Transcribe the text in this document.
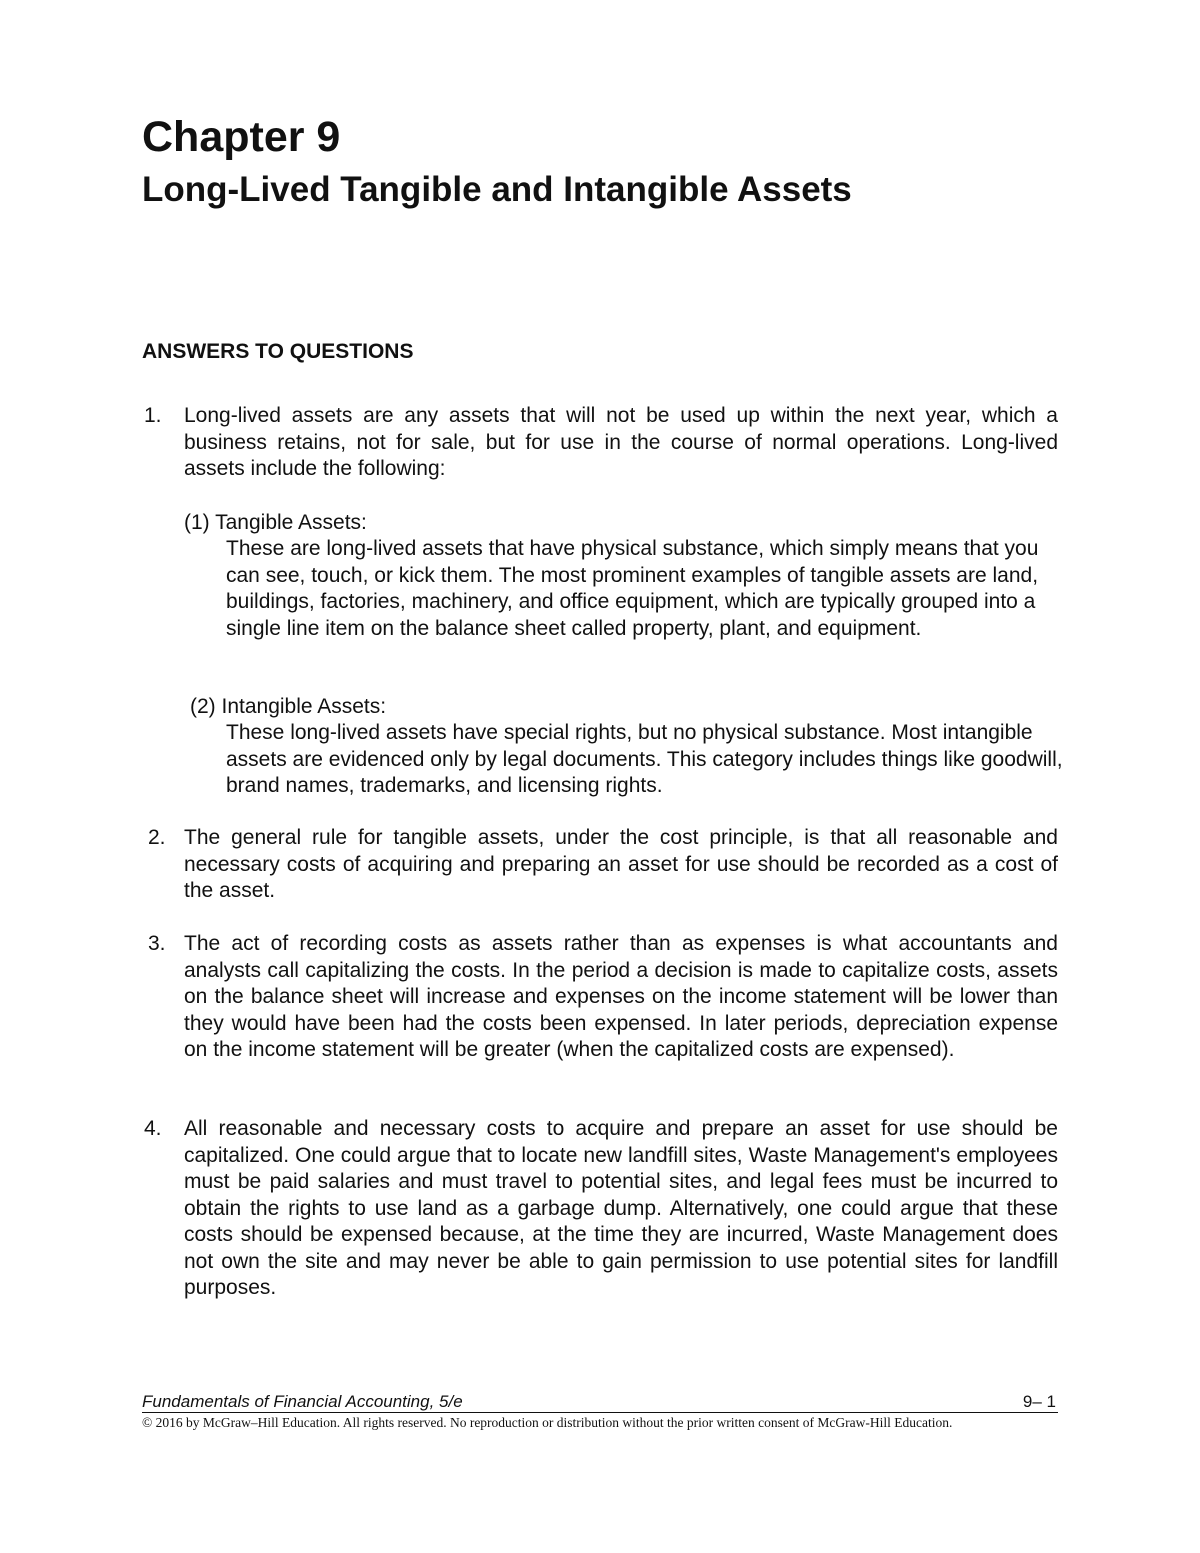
Chapter 9
Long-Lived Tangible and Intangible Assets
ANSWERS TO QUESTIONS
1. Long-lived assets are any assets that will not be used up within the next year, which a business retains, not for sale, but for use in the course of normal operations. Long-lived assets include the following:
(1) Tangible Assets:
These are long-lived assets that have physical substance, which simply means that you can see, touch, or kick them. The most prominent examples of tangible assets are land, buildings, factories, machinery, and office equipment, which are typically grouped into a single line item on the balance sheet called property, plant, and equipment.
(2) Intangible Assets:
These long-lived assets have special rights, but no physical substance. Most intangible assets are evidenced only by legal documents. This category includes things like goodwill, brand names, trademarks, and licensing rights.
2. The general rule for tangible assets, under the cost principle, is that all reasonable and necessary costs of acquiring and preparing an asset for use should be recorded as a cost of the asset.
3. The act of recording costs as assets rather than as expenses is what accountants and analysts call capitalizing the costs. In the period a decision is made to capitalize costs, assets on the balance sheet will increase and expenses on the income statement will be lower than they would have been had the costs been expensed. In later periods, depreciation expense on the income statement will be greater (when the capitalized costs are expensed).
4. All reasonable and necessary costs to acquire and prepare an asset for use should be capitalized. One could argue that to locate new landfill sites, Waste Management's employees must be paid salaries and must travel to potential sites, and legal fees must be incurred to obtain the rights to use land as a garbage dump. Alternatively, one could argue that these costs should be expensed because, at the time they are incurred, Waste Management does not own the site and may never be able to gain permission to use potential sites for landfill purposes.
Fundamentals of Financial Accounting, 5/e	9– 1
© 2016 by McGraw–Hill Education. All rights reserved. No reproduction or distribution without the prior written consent of McGraw-Hill Education.
